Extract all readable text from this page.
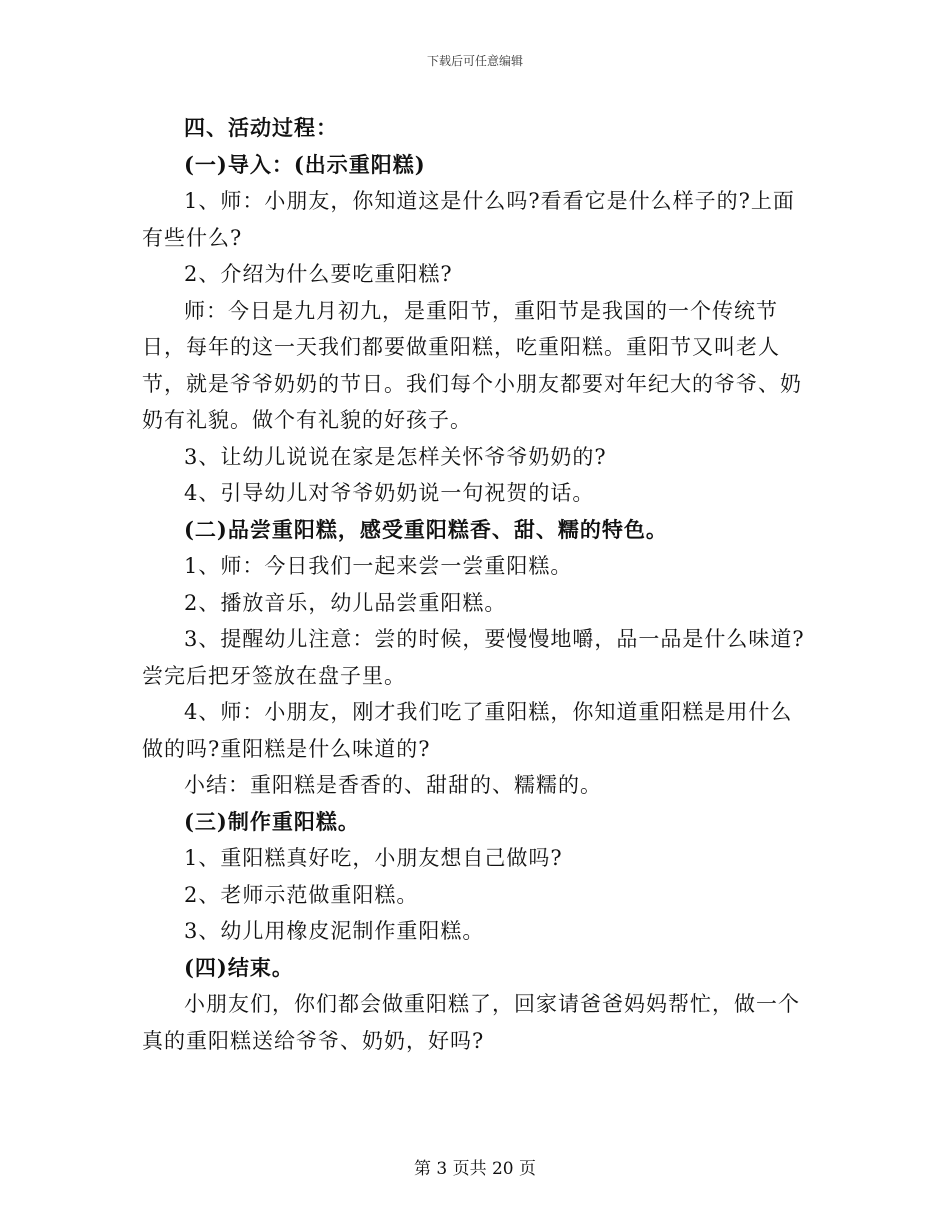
下载后可任意编辑

四、活动过程：

(一)导入：(出示重阳糕)

1、师：小朋友，你知道这是什么吗?看看它是什么样子的?上面有些什么?

2、介绍为什么要吃重阳糕?

师：今日是九月初九，是重阳节，重阳节是我国的一个传统节日，每年的这一天我们都要做重阳糕，吃重阳糕。重阳节又叫老人节，就是爷爷奶奶的节日。我们每个小朋友都要对年纪大的爷爷、奶奶有礼貌。做个有礼貌的好孩子。

3、让幼儿说说在家是怎样关怀爷爷奶奶的?

4、引导幼儿对爷爷奶奶说一句祝贺的话。

(二)品尝重阳糕，感受重阳糕香、甜、糯的特色。

1、师：今日我们一起来尝一尝重阳糕。

2、播放音乐，幼儿品尝重阳糕。

3、提醒幼儿注意：尝的时候，要慢慢地嚼，品一品是什么味道?尝完后把牙签放在盘子里。

4、师：小朋友，刚才我们吃了重阳糕，你知道重阳糕是用什么做的吗?重阳糕是什么味道的?

小结：重阳糕是香香的、甜甜的、糯糯的。

(三)制作重阳糕。

1、重阳糕真好吃，小朋友想自己做吗?

2、老师示范做重阳糕。

3、幼儿用橡皮泥制作重阳糕。

(四)结束。

小朋友们，你们都会做重阳糕了，回家请爸爸妈妈帮忙，做一个真的重阳糕送给爷爷、奶奶，好吗?

第 3 页共 20 页
